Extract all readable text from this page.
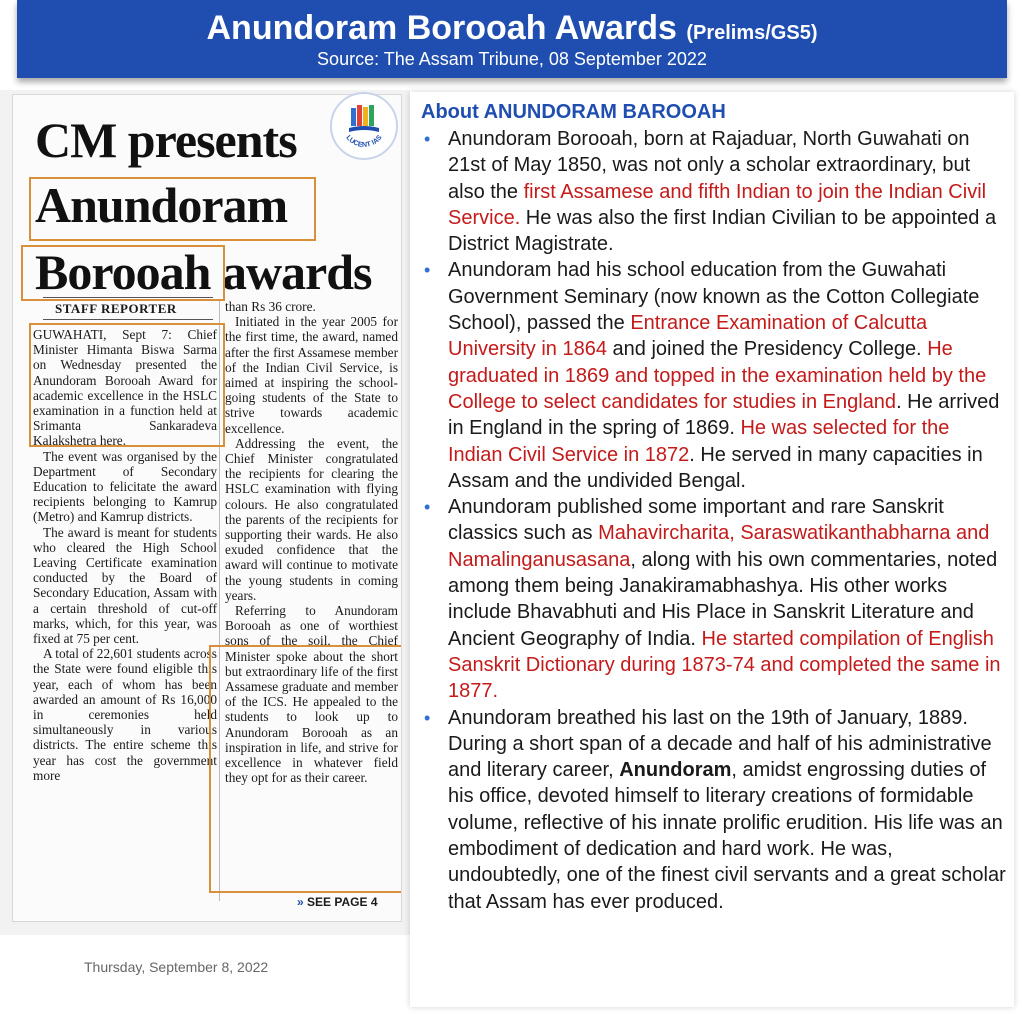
Anundoram Borooah Awards (Prelims/GS5)
Source: The Assam Tribune, 08 September 2022
CM presents
Anundoram
Borooah awards
STAFF REPORTER

GUWAHATI, Sept 7: Chief Minister Himanta Biswa Sarma on Wednesday presented the Anundoram Borooah Award for academic excellence in the HSLC examination in a function held at Srimanta Sankaradeva Kalakshetra here.

The event was organised by the Department of Secondary Education to felicitate the award recipients belonging to Kamrup (Metro) and Kamrup districts.

The award is meant for students who cleared the High School Leaving Certificate examination conducted by the Board of Secondary Education, Assam with a certain threshold of cut-off marks, which, for this year, was fixed at 75 per cent.

A total of 22,601 students across the State were found eligible this year, each of whom has been awarded an amount of Rs 16,000 in ceremonies held simultaneously in various districts. The entire scheme this year has cost the government more

than Rs 36 crore.

Initiated in the year 2005 for the first time, the award, named after the first Assamese member of the Indian Civil Service, is aimed at inspiring the school-going students of the State to strive towards academic excellence.

Addressing the event, the Chief Minister congratulated the recipients for clearing the HSLC examination with flying colours. He also congratulated the parents of the recipients for supporting their wards. He also exuded confidence that the award will continue to motivate the young students in coming years.

Referring to Anundoram Borooah as one of worthiest sons of the soil, the Chief Minister spoke about the short but extraordinary life of the first Assamese graduate and member of the ICS. He appealed to the students to look up to Anundoram Borooah as an inspiration in life, and strive for excellence in whatever field they opt for as their career.

» SEE PAGE 4
LUCENT IAS
Thursday, September 8, 2022
About ANUNDORAM BAROOAH
• Anundoram Borooah, born at Rajaduar, North Guwahati on 21st of May 1850, was not only a scholar extraordinary, but also the first Assamese and fifth Indian to join the Indian Civil Service. He was also the first Indian Civilian to be appointed a District Magistrate.
• Anundoram had his school education from the Guwahati Government Seminary (now known as the Cotton Collegiate School), passed the Entrance Examination of Calcutta University in 1864 and joined the Presidency College. He graduated in 1869 and topped in the examination held by the College to select candidates for studies in England. He arrived in England in the spring of 1869. He was selected for the Indian Civil Service in 1872. He served in many capacities in Assam and the undivided Bengal.
• Anundoram published some important and rare Sanskrit classics such as Mahavircharita, Saraswatikanthabharna and Namalinganusasana, along with his own commentaries, noted among them being Janakiramabhashya. His other works include Bhavabhuti and His Place in Sanskrit Literature and Ancient Geography of India. He started compilation of English Sanskrit Dictionary during 1873-74 and completed the same in 1877.
• Anundoram breathed his last on the 19th of January, 1889. During a short span of a decade and half of his administrative and literary career, Anundoram, amidst engrossing duties of his office, devoted himself to literary creations of formidable volume, reflective of his innate prolific erudition. His life was an embodiment of dedication and hard work. He was, undoubtedly, one of the finest civil servants and a great scholar that Assam has ever produced.
